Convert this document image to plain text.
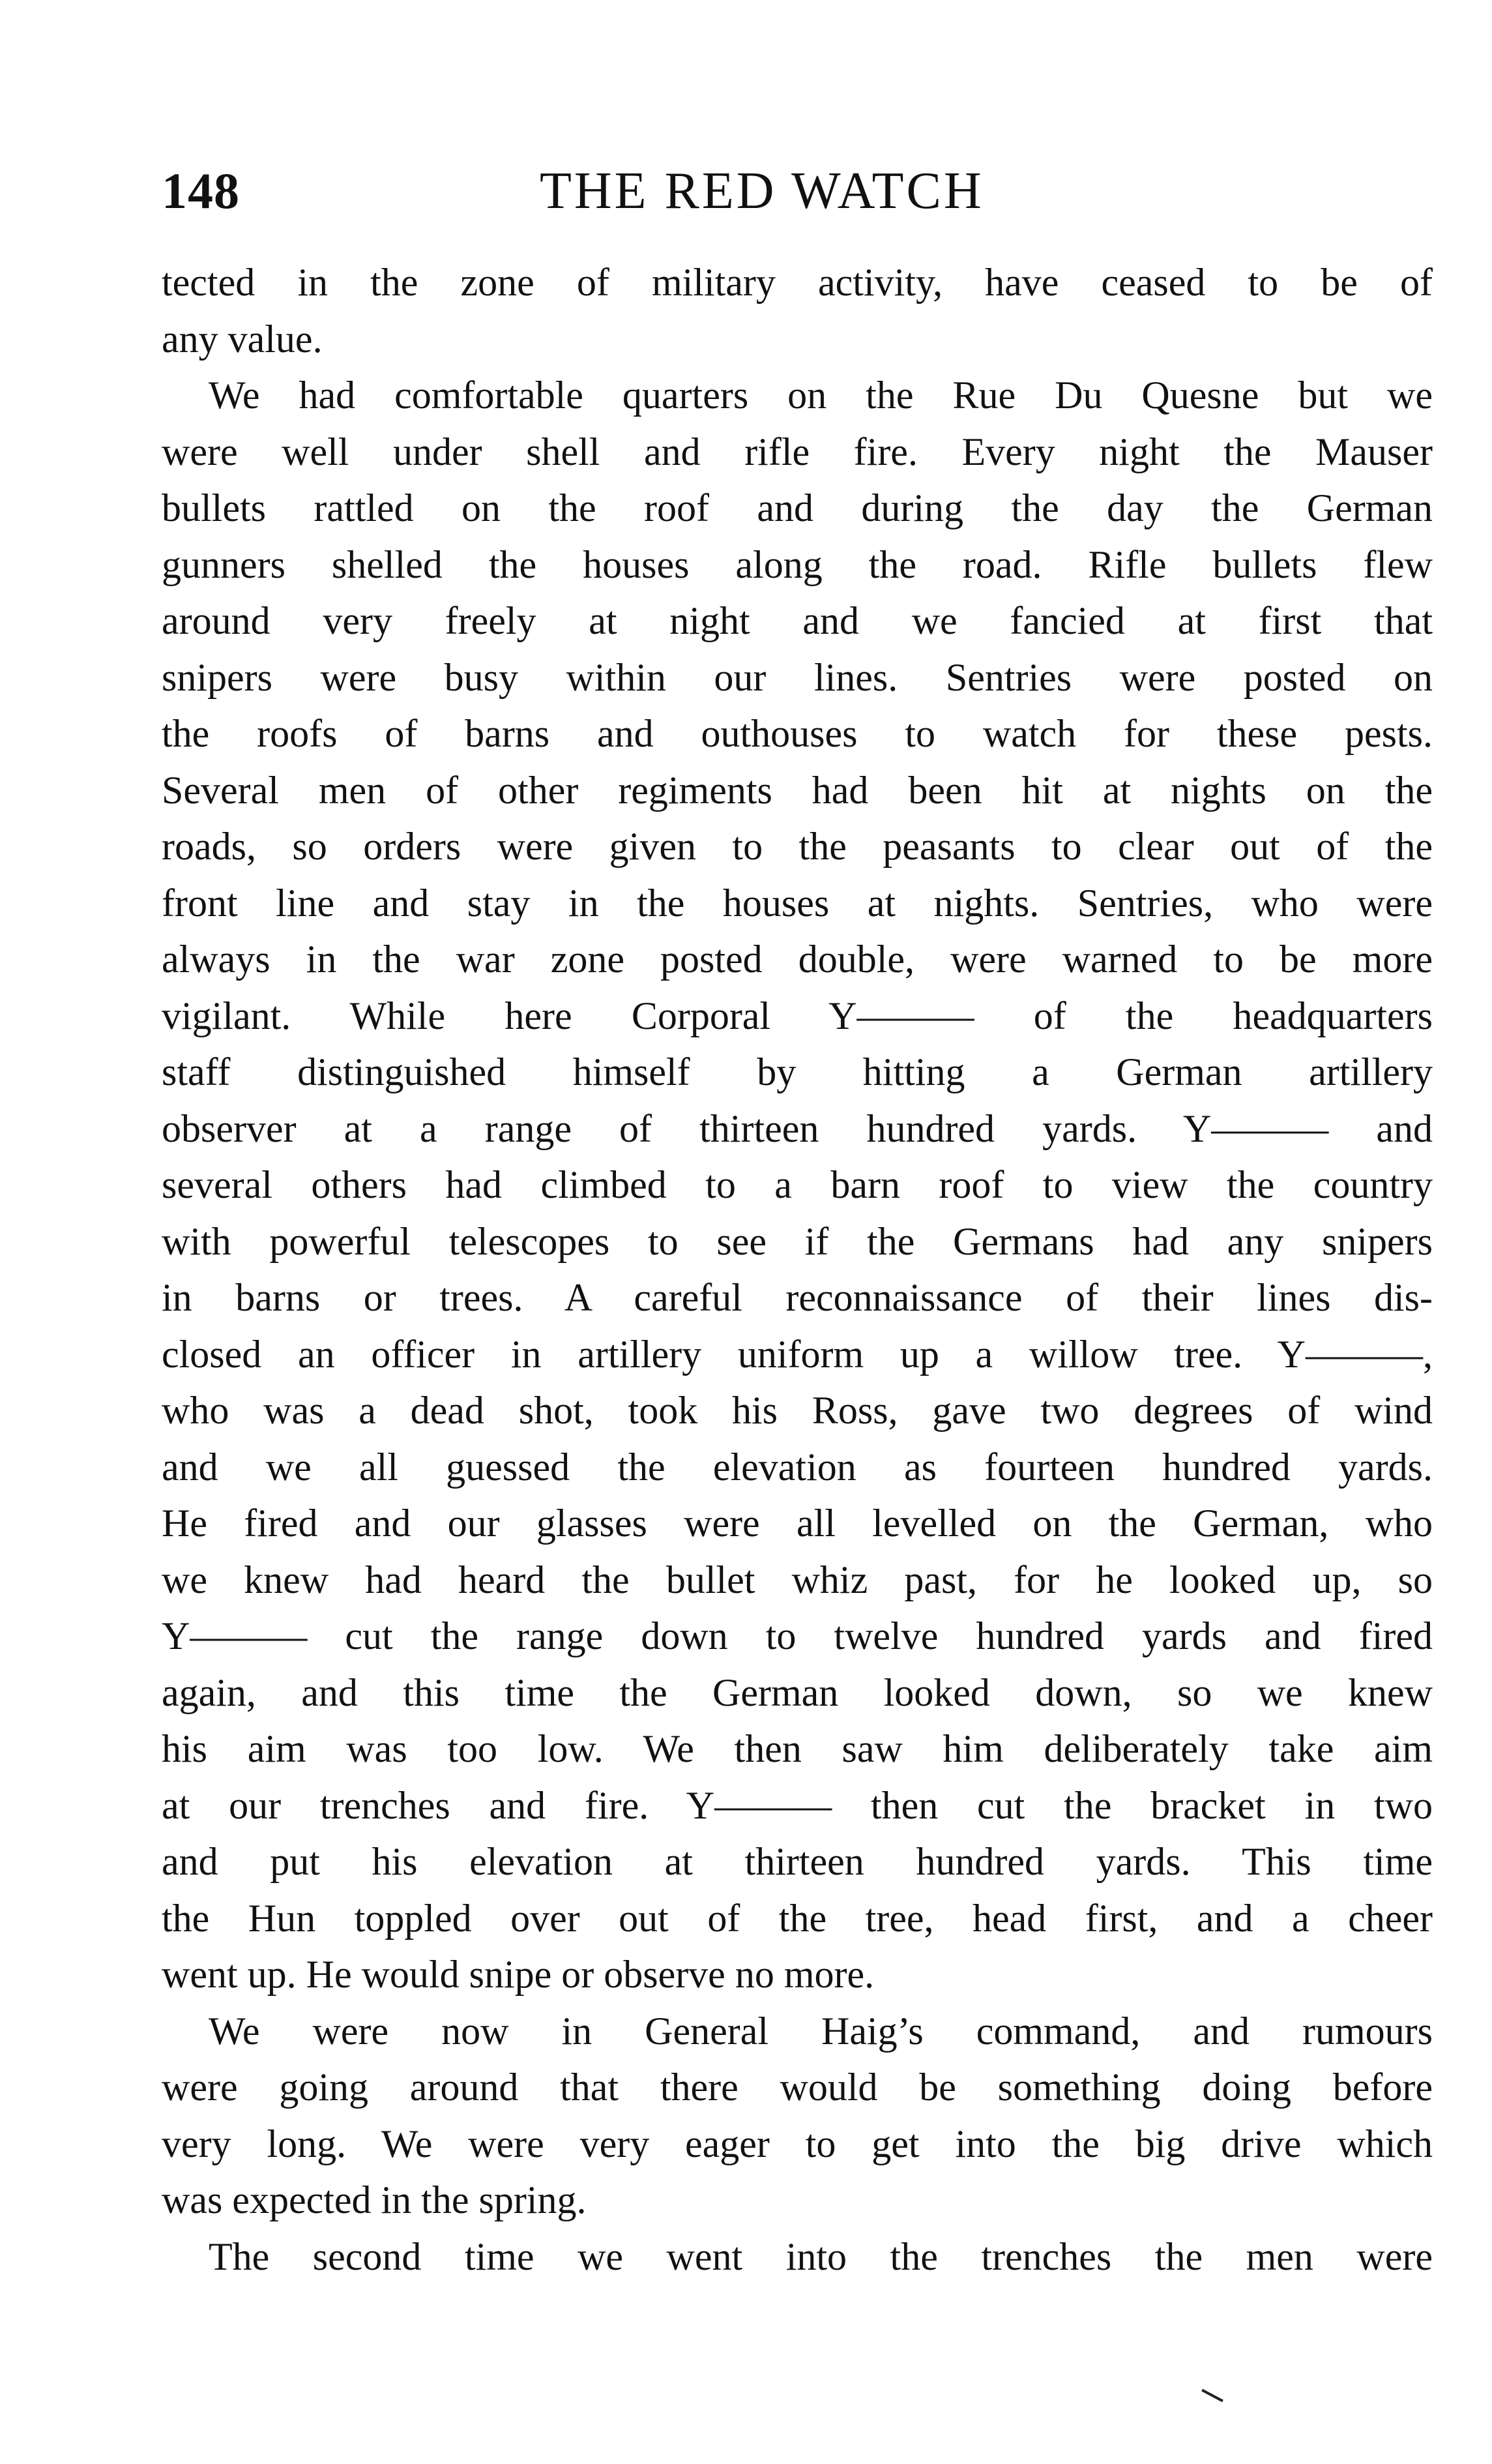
148	THE RED WATCH
tected in the zone of military activity, have ceased to be of
any value.
We had comfortable quarters on the Rue Du Quesne but we
were well under shell and rifle fire. Every night the Mauser
bullets rattled on the roof and during the day the German
gunners shelled the houses along the road. Rifle bullets flew
around very freely at night and we fancied at first that
snipers were busy within our lines. Sentries were posted on
the roofs of barns and outhouses to watch for these pests.
Several men of other regiments had been hit at nights on the
roads, so orders were given to the peasants to clear out of the
front line and stay in the houses at nights. Sentries, who were
always in the war zone posted double, were warned to be more
vigilant. While here Corporal Y——— of the headquarters
staff distinguished himself by hitting a German artillery
observer at a range of thirteen hundred yards. Y——— and
several others had climbed to a barn roof to view the country
with powerful telescopes to see if the Germans had any snipers
in barns or trees. A careful reconnaissance of their lines dis-
closed an officer in artillery uniform up a willow tree. Y———,
who was a dead shot, took his Ross, gave two degrees of wind
and we all guessed the elevation as fourteen hundred yards.
He fired and our glasses were all levelled on the German, who
we knew had heard the bullet whiz past, for he looked up, so
Y——— cut the range down to twelve hundred yards and fired
again, and this time the German looked down, so we knew
his aim was too low. We then saw him deliberately take aim
at our trenches and fire. Y——— then cut the bracket in two
and put his elevation at thirteen hundred yards. This time
the Hun toppled over out of the tree, head first, and a cheer
went up. He would snipe or observe no more.
We were now in General Haig’s command, and rumours
were going around that there would be something doing before
very long. We were very eager to get into the big drive which
was expected in the spring.
The second time we went into the trenches the men were
